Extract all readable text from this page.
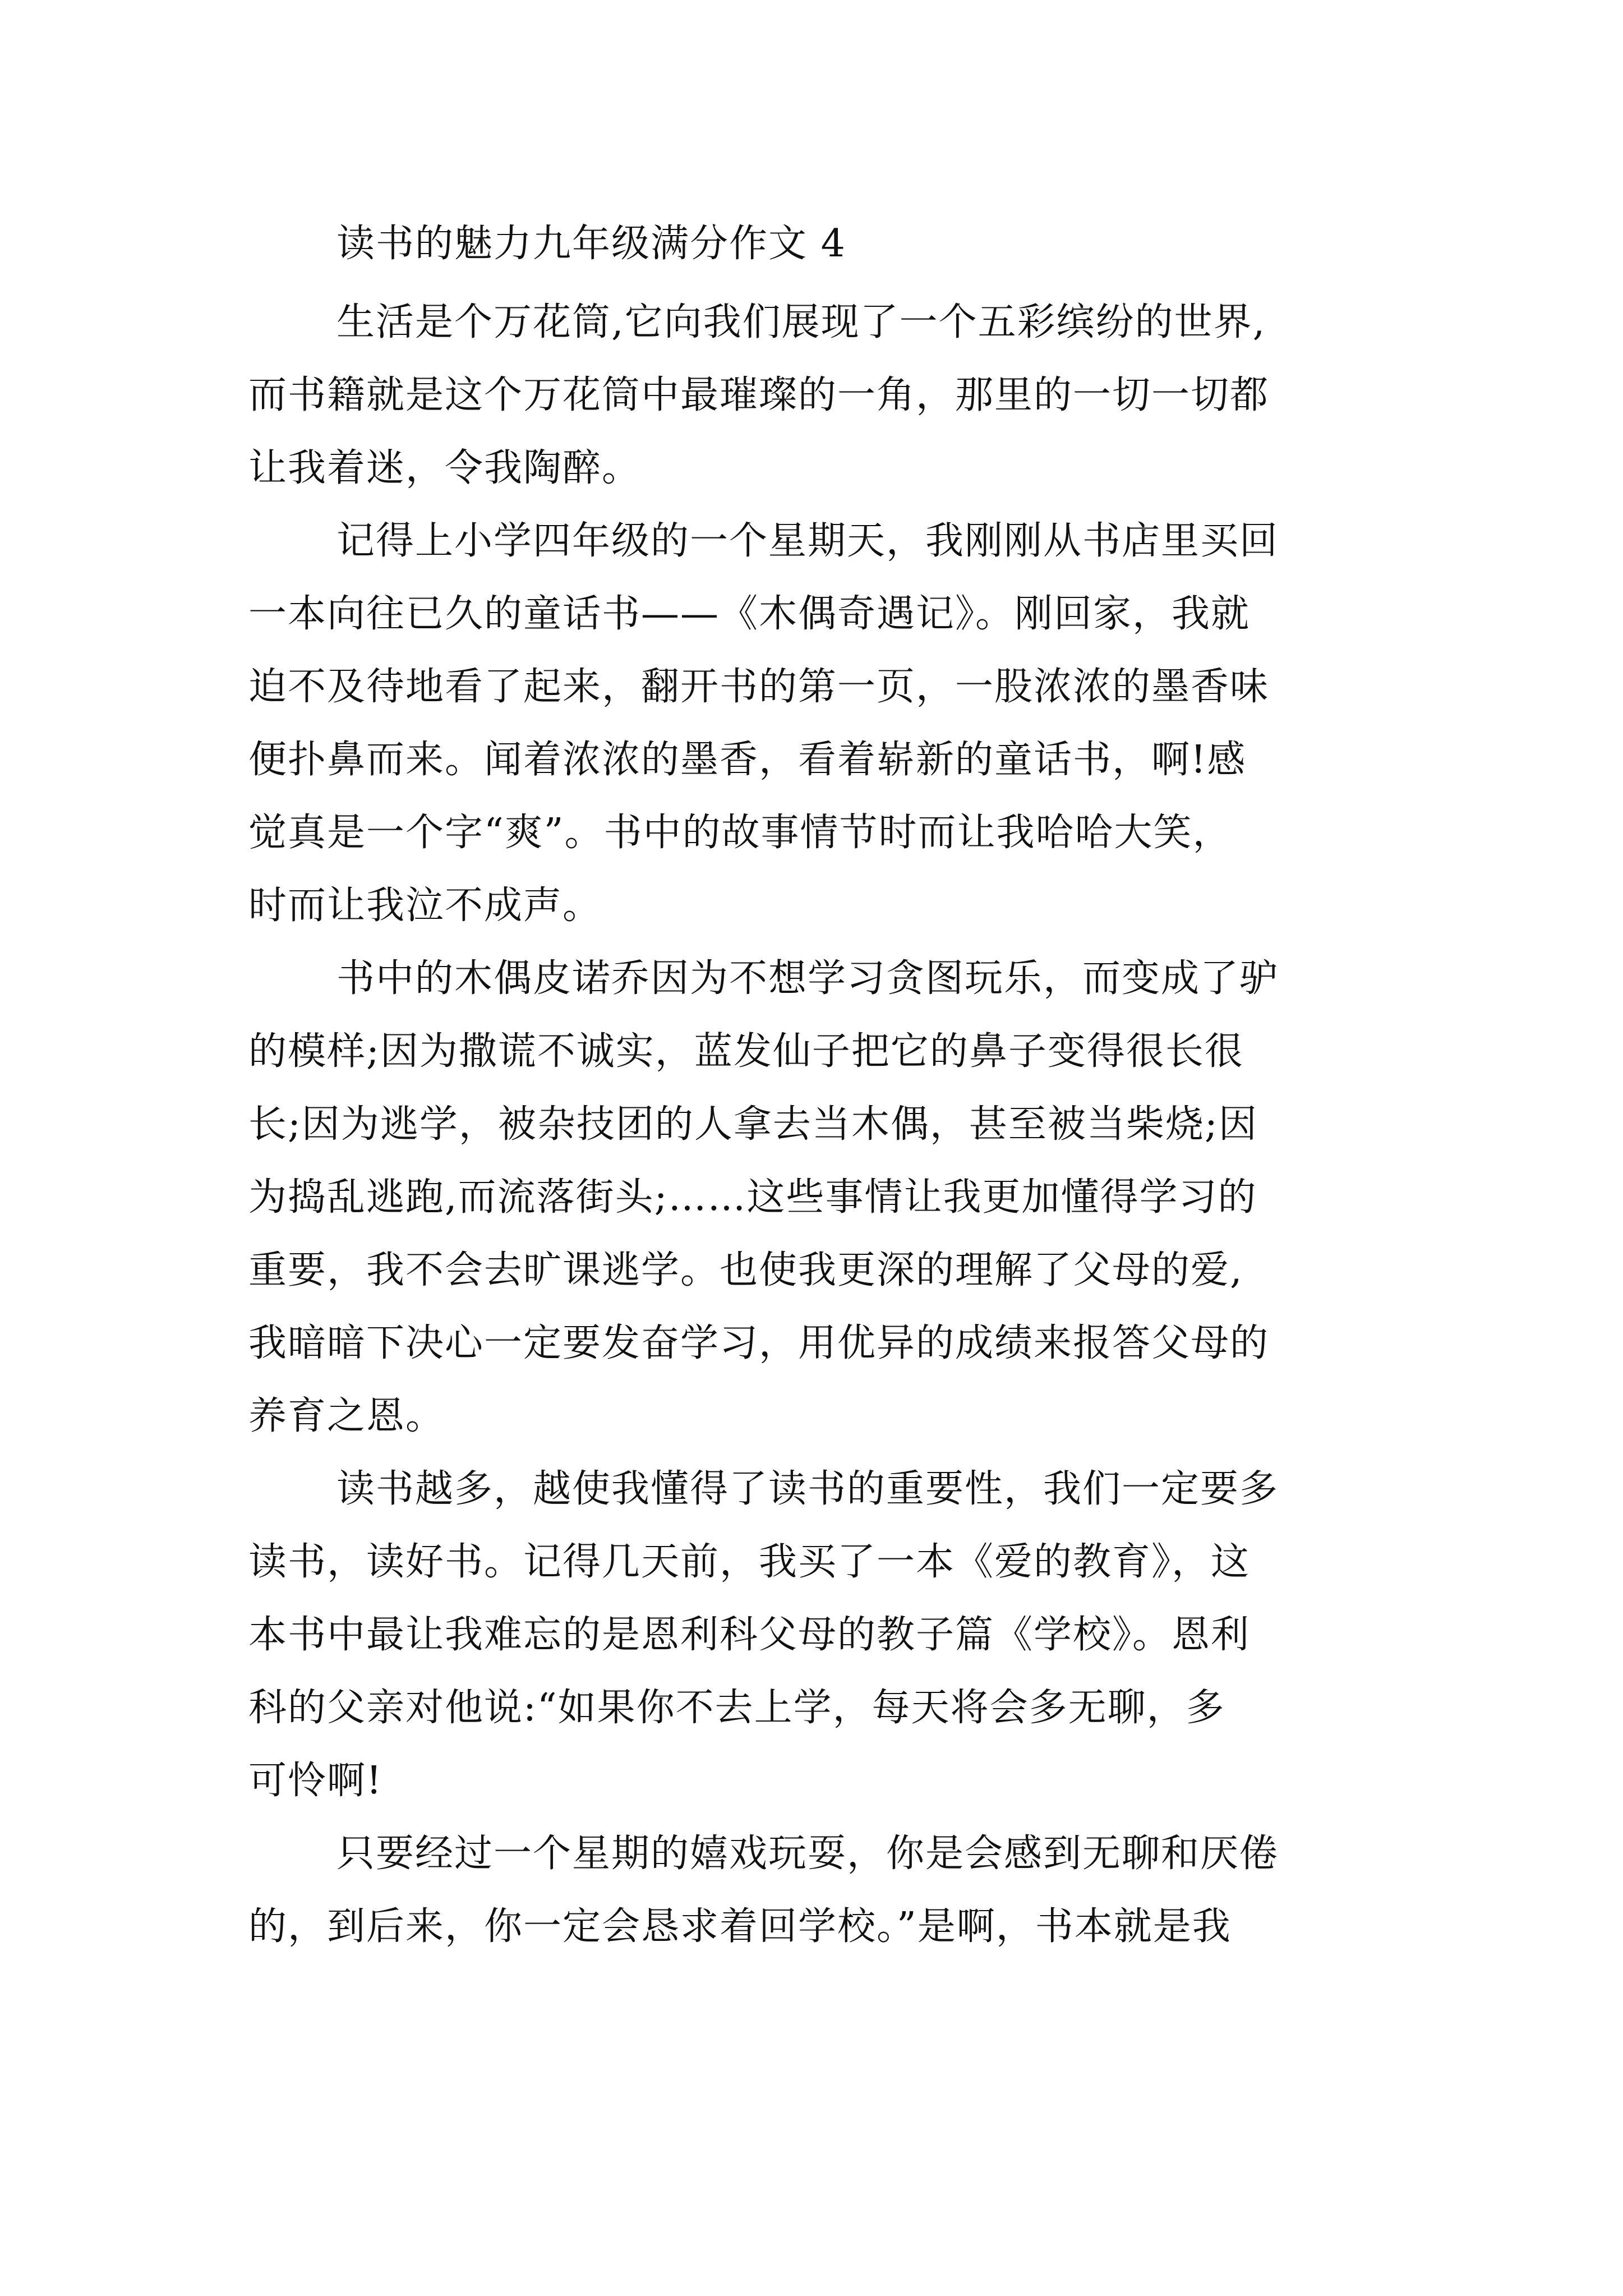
读书的魅力九年级满分作文 4
生活是个万花筒,它向我们展现了一个五彩缤纷的世界,
而书籍就是这个万花筒中最璀璨的一角，那里的一切一切都
让我着迷，令我陶醉。
记得上小学四年级的一个星期天，我刚刚从书店里买回
一本向往已久的童话书——《木偶奇遇记》。刚回家，我就
迫不及待地看了起来，翻开书的第一页，一股浓浓的墨香味
便扑鼻而来。闻着浓浓的墨香，看着崭新的童话书，啊!感
觉真是一个字“爽”。书中的故事情节时而让我哈哈大笑，
时而让我泣不成声。
书中的木偶皮诺乔因为不想学习贪图玩乐，而变成了驴
的模样;因为撒谎不诚实，蓝发仙子把它的鼻子变得很长很
长;因为逃学，被杂技团的人拿去当木偶，甚至被当柴烧;因
为捣乱逃跑,而流落街头;……这些事情让我更加懂得学习的
重要，我不会去旷课逃学。也使我更深的理解了父母的爱,
我暗暗下决心一定要发奋学习，用优异的成绩来报答父母的
养育之恩。
读书越多，越使我懂得了读书的重要性，我们一定要多
读书，读好书。记得几天前，我买了一本《爱的教育》，这
本书中最让我难忘的是恩利科父母的教子篇《学校》。恩利
科的父亲对他说:“如果你不去上学，每天将会多无聊，多
可怜啊!
只要经过一个星期的嬉戏玩耍，你是会感到无聊和厌倦
的，到后来，你一定会恳求着回学校。”是啊，书本就是我
